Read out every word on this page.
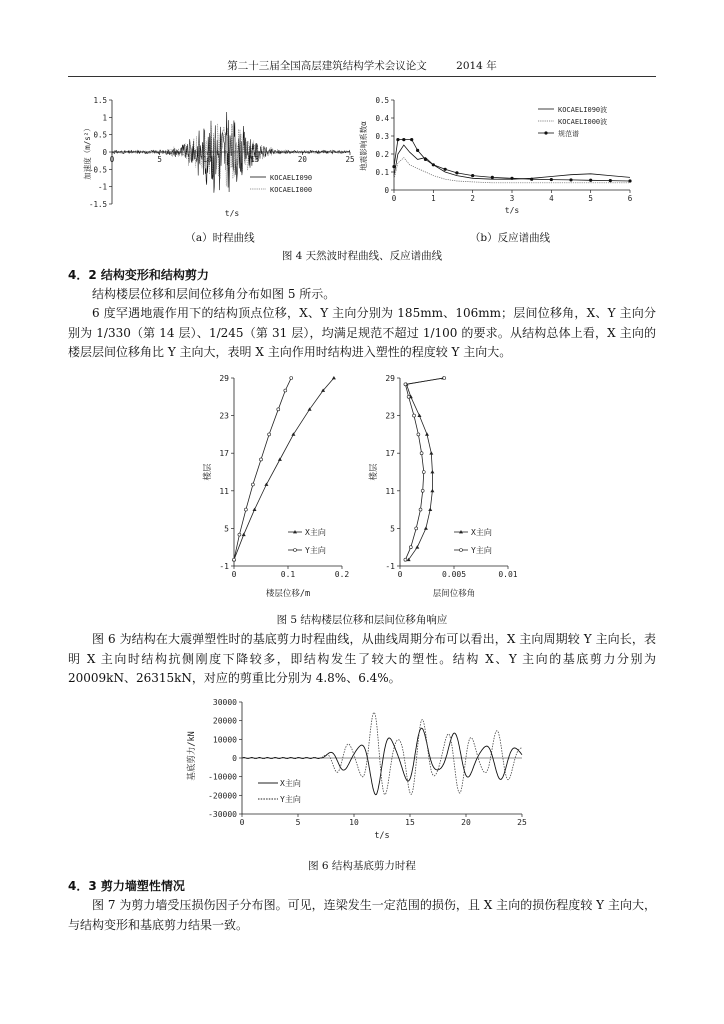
第二十三届全国高层建筑结构学术会议论文	2014 年
1.5
1
0.5
0
-0.5
-1
-1.5
0	5	10	15	20	25
加速度（m/s²）
t/s
KOCAELI090
KOCAELI000
0.5
0.4
0.3
0.2
0.1
0
0	1	2	3	4	5	6
地震影响系数α
t/s
KOCAELI090波
KOCAELI000波
规范谱
（a）时程曲线	（b）反应谱曲线
图 4 天然波时程曲线、反应谱曲线
4．2 结构变形和结构剪力
结构楼层位移和层间位移角分布如图 5 所示。
6 度罕遇地震作用下的结构顶点位移，X、Y 主向分别为 185mm、106mm；层间位移角，X、Y 主向分别为 1/330（第 14 层）、1/245（第 31 层），均满足规范不超过 1/100 的要求。从结构总体上看，X 主向的楼层层间位移角比 Y 主向大，表明 X 主向作用时结构进入塑性的程度较 Y 主向大。
29
23
17
11
5
-1
0	0.1	0.2
楼层
楼层位移/m
X主向
Y主向
29
23
17
11
5
-1
0	0.005	0.01
楼层
层间位移角
X主向
Y主向
图 5 结构楼层位移和层间位移角响应
图 6 为结构在大震弹塑性时的基底剪力时程曲线，从曲线周期分布可以看出，X 主向周期较 Y 主向长，表明 X 主向时结构抗侧刚度下降较多，即结构发生了较大的塑性。结构 X、Y 主向的基底剪力分别为 20009kN、26315kN，对应的剪重比分别为 4.8%、6.4%。
30000
20000
10000
0
-10000
-20000
-30000
0	5	10	15	20	25
基底剪力/kN
t/s
X主向
Y主向
图 6 结构基底剪力时程
4．3 剪力墙塑性情况
图 7 为剪力墙受压损伤因子分布图。可见，连梁发生一定范围的损伤，且 X 主向的损伤程度较 Y 主向大，与结构变形和基底剪力结果一致。
